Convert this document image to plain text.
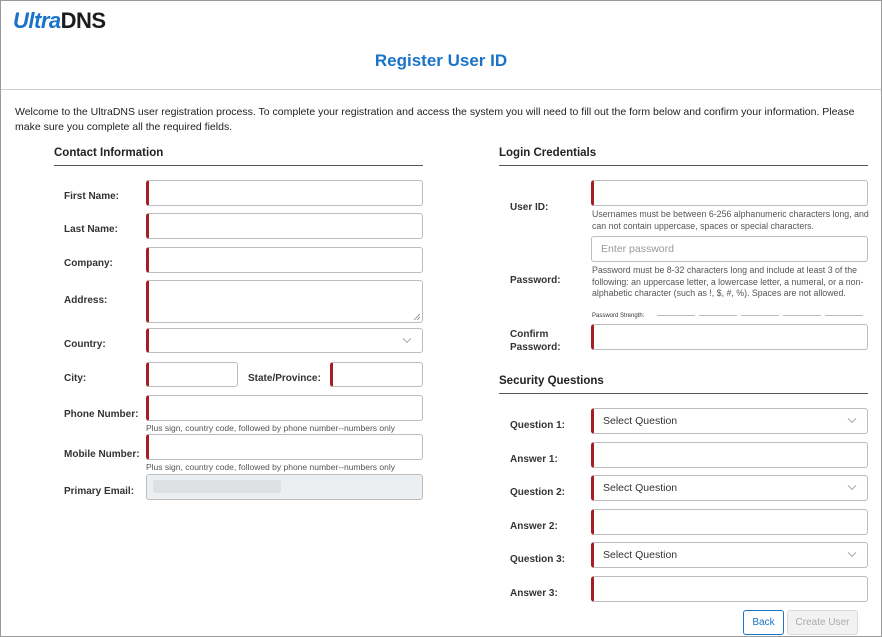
UltraDNS
Register User ID
Welcome to the UltraDNS user registration process. To complete your registration and access the system you will need to fill out the form below and confirm your information. Please make sure you complete all the required fields.
Contact Information
First Name:
Last Name:
Company:
Address:
Country:
City:	State/Province:
Phone Number:
Plus sign, country code, followed by phone number--numbers only
Mobile Number:
Plus sign, country code, followed by phone number--numbers only
Primary Email:
Login Credentials
User ID:
Usernames must be between 6-256 alphanumeric characters long, and can not contain uppercase, spaces or special characters.
Password:
Enter password
Password must be 8-32 characters long and include at least 3 of the following: an uppercase letter, a lowercase letter, a numeral, or a non-alphabetic character (such as !, $, #, %). Spaces are not allowed.
Password Strength:
Confirm
Password:
Security Questions
Question 1:	Select Question
Answer 1:
Question 2:	Select Question
Answer 2:
Question 3:	Select Question
Answer 3:
Back	Create User
